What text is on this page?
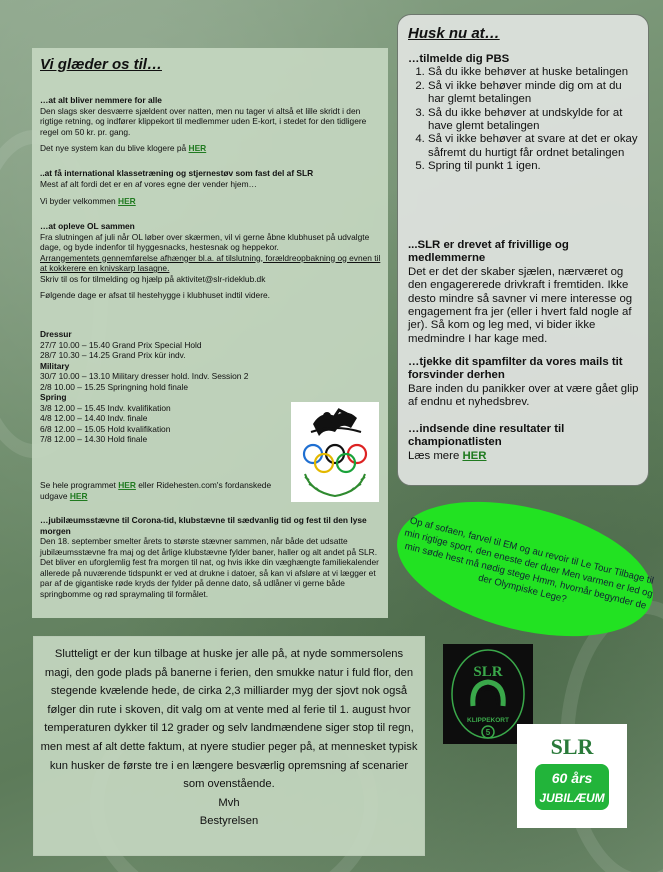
Vi glæder os til…

…at alt bliver nemmere for alle

Den slags sker desværre sjældent over natten, men nu tager vi altså et lille skridt i den rigtige retning, og indfører klippekort til medlemmer uden E-kort, i stedet for den tidligere regel om 50 kr. pr. gang.

Det nye system kan du blive klogere på HER

..at få international klassetræning og stjernestøv som fast del af SLR

Mest af alt fordi det er en af vores egne der vender hjem…

Vi byder velkommen HER

…at opleve OL sammen

Fra slutningen af juli når OL løber over skærmen, vil vi gerne åbne klubhuset på udvalgte dage, og byde indenfor til hyggesnacks, hestesnak og heppekor.

Arrangementets gennemførelse afhænger bl.a. af tilslutning, forældreopbakning og evnen til at kokkerere en knivskarp lasagne.

Skriv til os for tilmelding og hjælp på aktivitet@slr-rideklub.dk

Følgende dage er afsat til hestehygge i klubhuset indtil videre.

Dressur

27/7 10.00 – 15.40 Grand Prix Special Hold

28/7 10.30 – 14.25 Grand Prix kür indv.

Military

30/7 10.00 – 13.10 Military dresser hold. Indv. Session 2

2/8 10.00 – 15.25 Springning hold finale

Spring

3/8 12.00 – 15.45 Indv. kvalifikation

4/8 12.00 – 14.40 Indv. finale

6/8 12.00 – 15.05 Hold kvalifikation

7/8 12.00 – 14.30 Hold finale

Se hele programmet HER eller Ridehesten.com's fordanskede udgave HER

…jubilæumsstævne til Corona-tid, klubstævne til sædvanlig tid og fest til den lyse morgen

Den 18. september smelter årets to største stævner sammen, når både det udsatte jubilæumsstævne fra maj og det årlige klubstævne fylder baner, haller og alt andet på SLR. Det bliver en uforglemlig fest fra morgen til nat, og hvis ikke din væghængte familiekalender allerede på nuværende tidspunkt er ved at drukne i datoer, så kan vi afsløre at vi lægger et par af de gigantiske røde kryds der fylder på denne dato, så udlåner vi gerne både springbomme og rød spraymaling til formålet.

Husk nu at…

…tilmelde dig PBS

1. Så du ikke behøver at huske betalingen
2. Så vi ikke behøver minde dig om at du har glemt betalingen
3. Så du ikke behøver at undskylde for at have glemt betalingen
4. Så vi ikke behøver at svare at det er okay såfremt du hurtigt får ordnet betalingen
5. Spring til punkt 1 igen.

...SLR er drevet af frivillige og medlemmerne

Det er det der skaber sjælen, nærværet og den engagererede drivkraft i fremtiden. Ikke desto mindre så savner vi mere interesse og engagement fra jer (eller i hvert fald nogle af jer). Så kom og leg med, vi bider ikke medmindre I har kage med.

…tjekke dit spamfilter da vores mails tit forsvinder derhen

Bare inden du panikker over at være gået glip af endnu et nyhedsbrev.

…indsende dine resultater til championatlisten

Læs mere HER

Op af sofaen, farvel til EM og au revoir til Le Tour Tilbage til min rigtige sport, den eneste der duer Men varmen er led og min søde hest må nødig stege Hmm, hvornår begynder de der Olympiske Lege?
Slutteligt er der kun tilbage at huske jer alle på, at nyde sommersolens magi, den gode plads på banerne i ferien, den smukke natur i fuld flor, den stegende kvælende hede, de cirka 2,3 milliarder myg der sjovt nok også følger din rute i skoven, dit valg om at vente med al ferie til 1. august hvor temperaturen dykker til 12 grader og selv landmændene siger stop til regn, men mest af alt dette faktum, at nyere studier peger på, at mennesket typisk kun husker de første tre i en længere besværlig opremsning af scenarier som ovenstående.
Mvh
Bestyrelsen
SLR
KLIPPEKORT
5
SLR
60 års
JUBILÆUM
